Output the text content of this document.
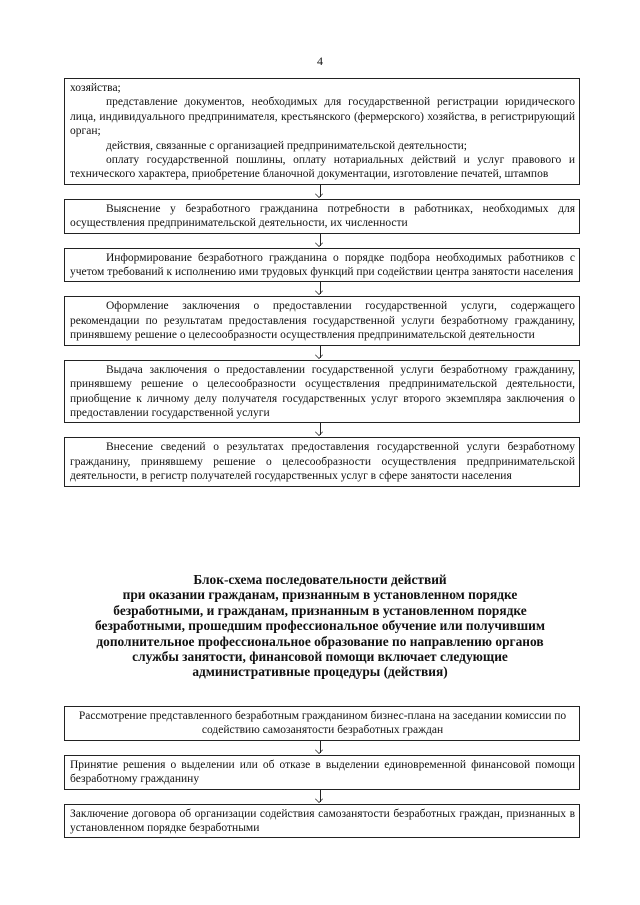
4

хозяйства;

представление документов, необходимых для государственной регистрации юридического лица, индивидуального предпринимателя, крестьянского (фермерского) хозяйства, в регистрирующий орган;

действия, связанные с организацией предпринимательской деятельности;

оплату государственной пошлины, оплату нотариальных действий и услуг правового и технического характера, приобретение бланочной документации, изготовление печатей, штампов

Выяснение у безработного гражданина потребности в работниках, необходимых для осуществления предпринимательской деятельности, их численности

Информирование безработного гражданина о порядке подбора необходимых работников с учетом требований к исполнению ими трудовых функций при содействии центра занятости населения

Оформление заключения о предоставлении государственной услуги, содержащего рекомендации по результатам предоставления государственной услуги безработному гражданину, принявшему решение о целесообразности осуществления предпринимательской деятельности

Выдача заключения о предоставлении государственной услуги безработному гражданину, принявшему решение о целесообразности осуществления предпринимательской деятельности, приобщение к личному делу получателя государственных услуг второго экземпляра заключения о предоставлении государственной услуги

Внесение сведений о результатах предоставления государственной услуги безработному гражданину, принявшему решение о целесообразности осуществления предпринимательской деятельности, в регистр получателей государственных услуг в сфере занятости населения

Блок-схема последовательности действий
при оказании гражданам, признанным в установленном порядке
безработными, и гражданам, признанным в установленном порядке
безработными, прошедшим профессиональное обучение или получившим
дополнительное профессиональное образование по направлению органов
службы занятости, финансовой помощи включает следующие
административные процедуры (действия)

Рассмотрение представленного безработным гражданином бизнес-плана на заседании комиссии по содействию самозанятости безработных граждан

Принятие решения о выделении или об отказе в выделении единовременной финансовой помощи безработному гражданину

Заключение договора об организации содействия самозанятости безработных граждан, признанных в установленном порядке безработными
